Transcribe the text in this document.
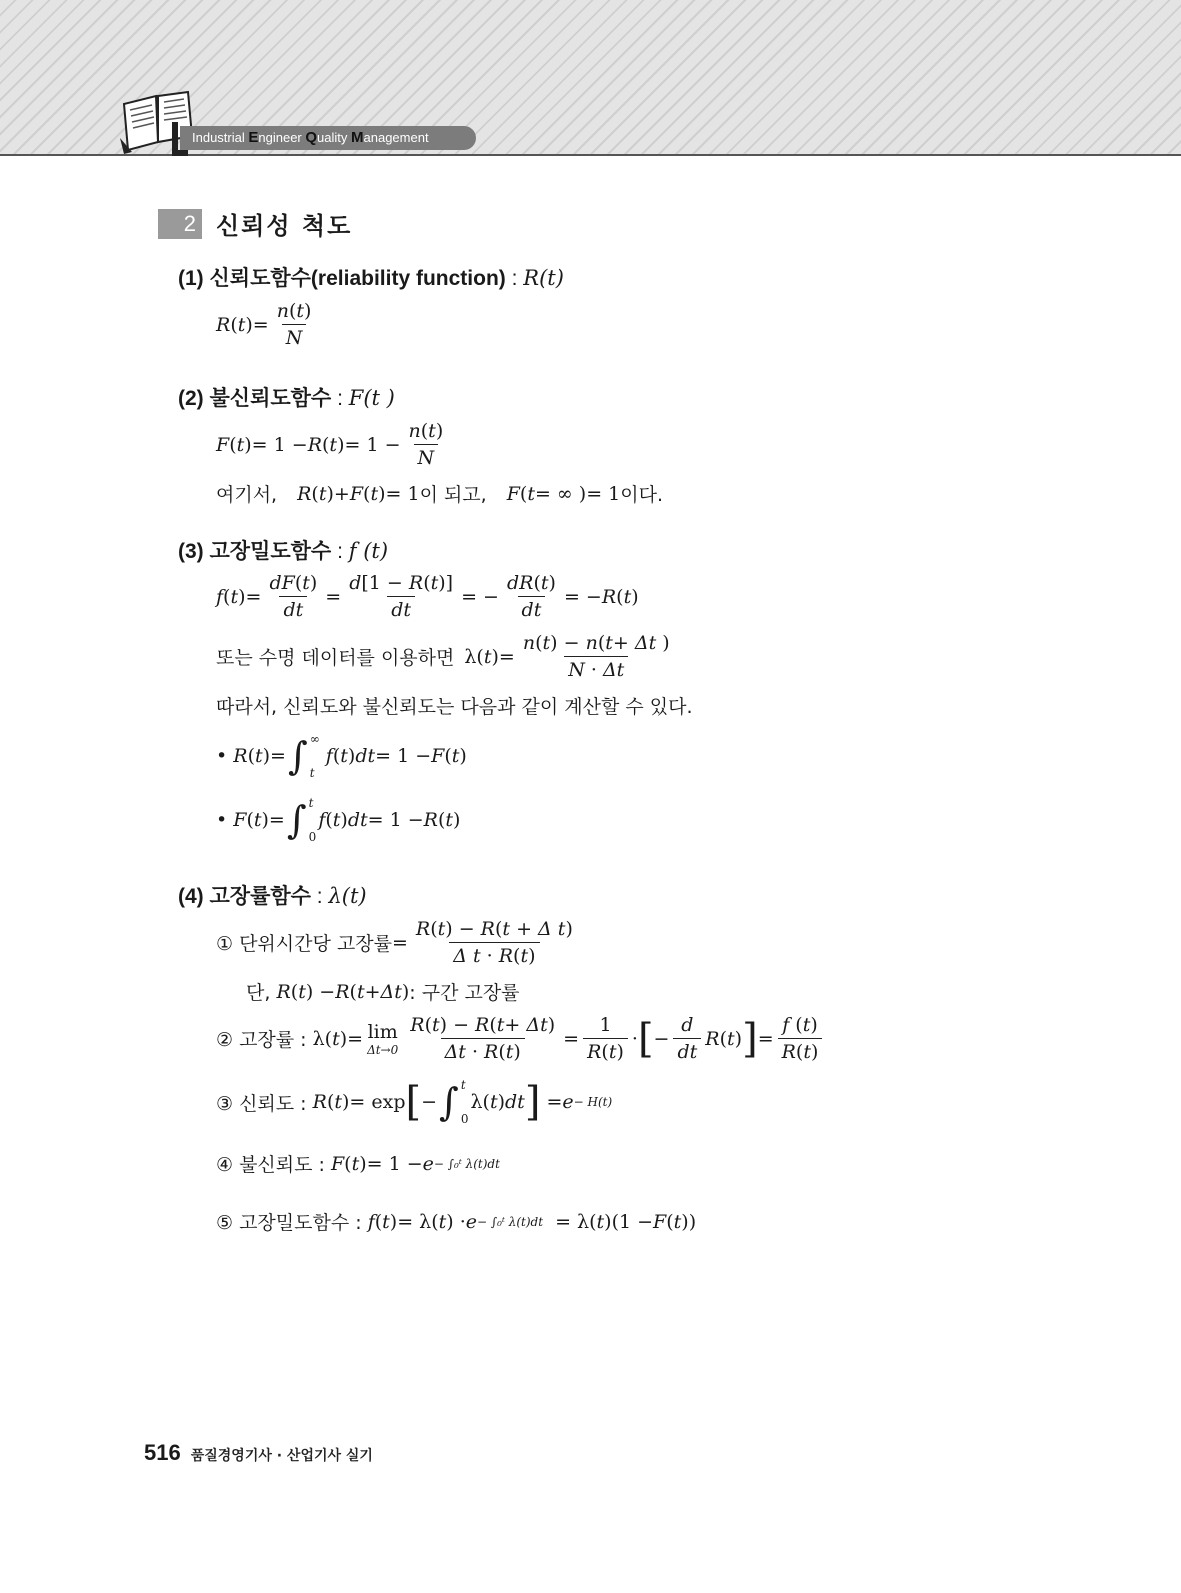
Industrial Engineer Quality Management
2 신뢰성 척도
(1) 신뢰도함수(reliability function) : R(t)
R ( t ) = $\frac{n(t)}{N}$
(2) 불신뢰도함수 : F(t )
F ( t ) = 1 − R ( t ) = $1 - \frac{n(t)}{N}$
여기서, R ( t ) + F ( t ) = 1 이 되고, F ( t = ∞ )= 1 이다.
(3) 고장밀도함수 : f (t)
f ( t )= $\frac{dF(t)}{dt} = \frac{d[1 - R(t)]}{dt}$ = − $\frac{dR(t)}{dt}$ = − R ( t )
또는 수명 데이터를 이용하면 λ( t )= $\frac{n(t) - n(t+ \Delta t )}{N \cdot \Delta t}$
따라서, 신뢰도와 불신뢰도는 다음과 같이 계산할 수 있다.
•
R ( t )= ∫ ∞
t
f ( t ) dt = 1 − F ( t )
•
F ( t )= ∫ t
0
f ( t ) dt = 1 − R ( t )
(4) 고장률함수 : λ(t)
① 단위시간당 고장률 = $\frac{\text{R(t) − R(t + Δ t)}}{\text{Δ t · R(t)}}$
단,
R ( t ) − R ( t + Δt ) : 구간 고장률
② 고장률 : λ( t )= lim
$\Delta t\to 0 \frac{R(t) - R(t+ \Delta t)}{\Delta t \cdot R(t)} = \frac{1}{R(t)}$ · [ − $\frac{d}{dt}$ R ( t ) ] = $\frac{f (t)}{R(t)}$
③ 신뢰도 :
R ( t )= exp [ − ∫ t
0
λ( t ) dt ] = e − H(t)
④ 불신뢰도 :
F ( t )= 1 − e − ∫₀ᵗ λ(t)dt
⑤ 고장밀도함수 :
f ( t )= λ( t ) · e − ∫₀ᵗ λ(t)dt = λ( t )(1 − F ( t ))
516 품질경영기사 · 산업기사 실기
